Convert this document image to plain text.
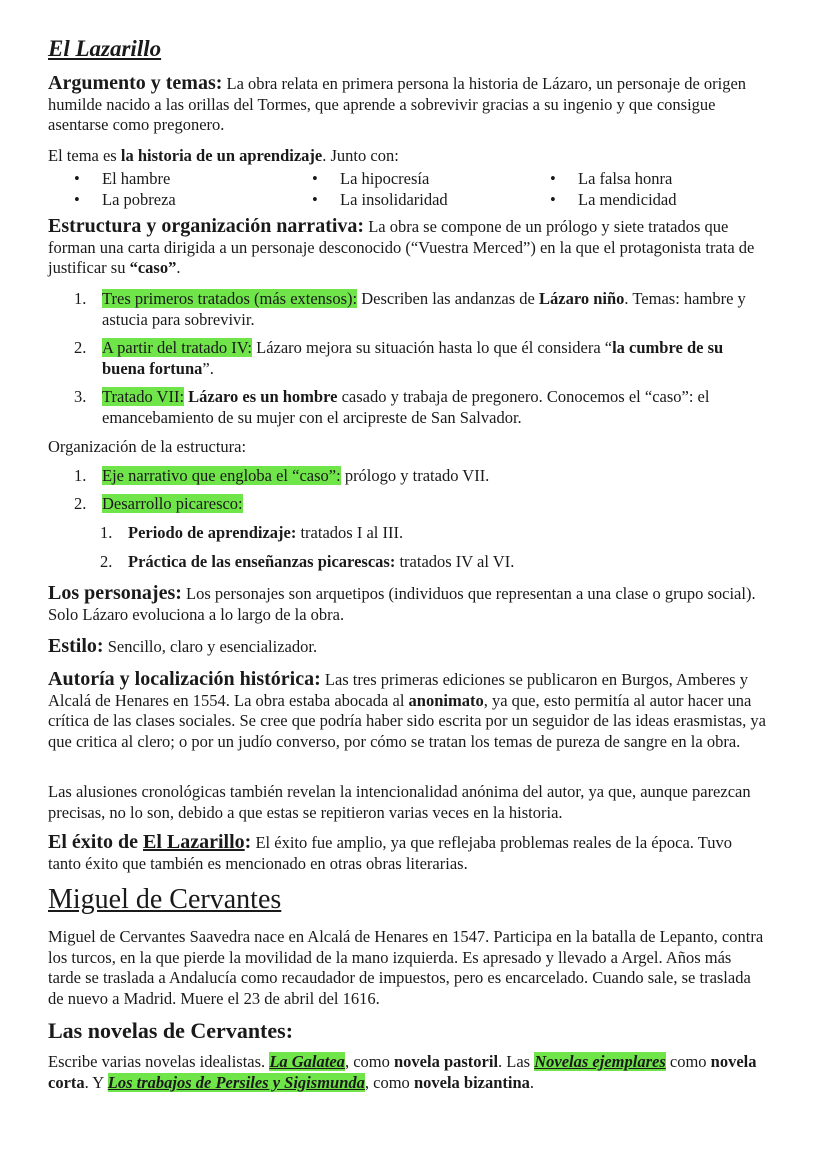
El Lazarillo

Argumento y temas: La obra relata en primera persona la historia de Lázaro, un personaje de origen humilde nacido a las orillas del Tormes, que aprende a sobrevivir gracias a su ingenio y que consigue asentarse como pregonero.

El tema es la historia de un aprendizaje. Junto con:

• El hambre	• La hipocresía	• La falsa honra
• La pobreza	• La insolidaridad	• La mendicidad

Estructura y organización narrativa: La obra se compone de un prólogo y siete tratados que forman una carta dirigida a un personaje desconocido (“Vuestra Merced”) en la que el protagonista trata de justificar su “caso”.

1. Tres primeros tratados (más extensos): Describen las andanzas de Lázaro niño. Temas: hambre y astucia para sobrevivir.
2. A partir del tratado IV: Lázaro mejora su situación hasta lo que él considera “la cumbre de su buena fortuna”.
3. Tratado VII: Lázaro es un hombre casado y trabaja de pregonero. Conocemos el “caso”: el emancebamiento de su mujer con el arcipreste de San Salvador.

Organización de la estructura:

1. Eje narrativo que engloba el “caso”: prólogo y tratado VII.
2. Desarrollo picaresco:
1. Periodo de aprendizaje: tratados I al III.
2. Práctica de las enseñanzas picarescas: tratados IV al VI.

Los personajes: Los personajes son arquetipos (individuos que representan a una clase o grupo social). Solo Lázaro evoluciona a lo largo de la obra.

Estilo: Sencillo, claro y esencializador.

Autoría y localización histórica: Las tres primeras ediciones se publicaron en Burgos, Amberes y Alcalá de Henares en 1554. La obra estaba abocada al anonimato, ya que, esto permitía al autor hacer una crítica de las clases sociales. Se cree que podría haber sido escrita por un seguidor de las ideas erasmistas, ya que critica al clero; o por un judío converso, por cómo se tratan los temas de pureza de sangre en la obra.

Las alusiones cronológicas también revelan la intencionalidad anónima del autor, ya que, aunque parezcan precisas, no lo son, debido a que estas se repitieron varias veces en la historia.

El éxito de El Lazarillo: El éxito fue amplio, ya que reflejaba problemas reales de la época. Tuvo tanto éxito que también es mencionado en otras obras literarias.

Miguel de Cervantes

Miguel de Cervantes Saavedra nace en Alcalá de Henares en 1547. Participa en la batalla de Lepanto, contra los turcos, en la que pierde la movilidad de la mano izquierda. Es apresado y llevado a Argel. Años más tarde se traslada a Andalucía como recaudador de impuestos, pero es encarcelado. Cuando sale, se traslada de nuevo a Madrid. Muere el 23 de abril del 1616.

Las novelas de Cervantes:

Escribe varias novelas idealistas. La Galatea, como novela pastoril. Las Novelas ejemplares como novela corta. Y Los trabajos de Persiles y Sigismunda, como novela bizantina.
